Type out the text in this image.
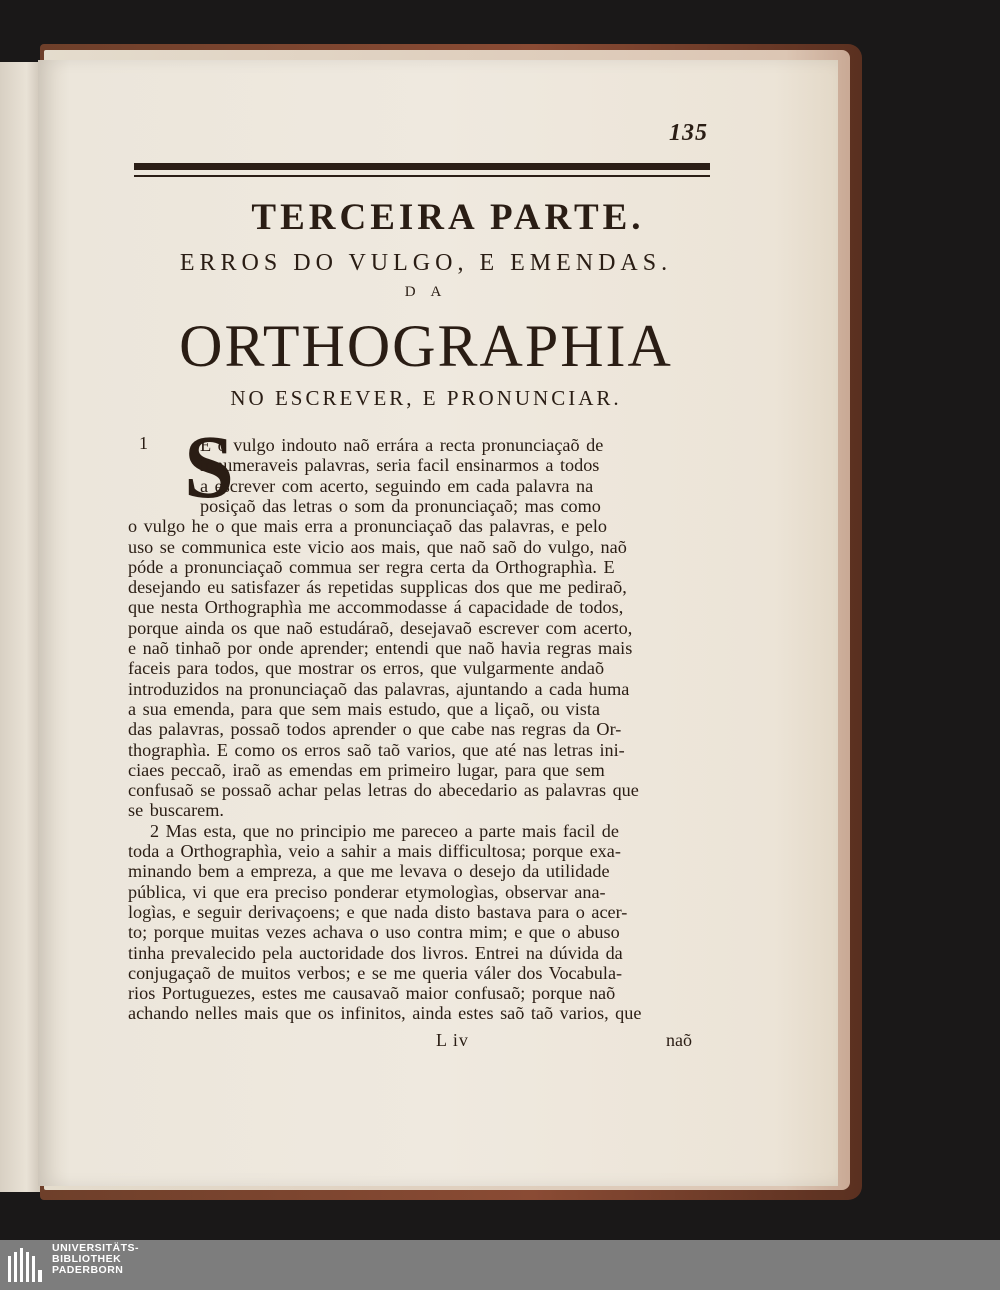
135
TERCEIRA PARTE.
ERROS DO VULGO, E EMENDAS.
D A
ORTHOGRAPHIA
NO ESCREVER, E PRONUNCIAR.
1 S
E o vulgo indouto naõ errára a recta pronunciaçaõ de
innumeraveis palavras, seria facil ensinarmos a todos
a escrever com acerto, seguindo em cada palavra na
posiçaõ das letras o som da pronunciaçaõ; mas como
o vulgo he o que mais erra a pronunciaçaõ das palavras, e pelo
uso se communica este vicio aos mais, que naõ saõ do vulgo, naõ
póde a pronunciaçaõ commua ser regra certa da Orthographìa. E
desejando eu satisfazer ás repetidas supplicas dos que me pediraõ,
que nesta Orthographìa me accommodasse á capacidade de todos,
porque ainda os que naõ estudáraõ, desejavaõ escrever com acerto,
e naõ tinhaõ por onde aprender; entendi que naõ havia regras mais
faceis para todos, que mostrar os erros, que vulgarmente andaõ
introduzidos na pronunciaçaõ das palavras, ajuntando a cada huma
a sua emenda, para que sem mais estudo, que a liçaõ, ou vista
das palavras, possaõ todos aprender o que cabe nas regras da Or-
thographìa. E como os erros saõ taõ varios, que até nas letras ini-
ciaes peccaõ, iraõ as emendas em primeiro lugar, para que sem
confusaõ se possaõ achar pelas letras do abecedario as palavras que
se buscarem.
2 Mas esta, que no principio me pareceo a parte mais facil de
toda a Orthographìa, veio a sahir a mais difficultosa; porque exa-
minando bem a empreza, a que me levava o desejo da utilidade
pública, vi que era preciso ponderar etymologìas, observar ana-
logìas, e seguir derivaçoens; e que nada disto bastava para o acer-
to; porque muitas vezes achava o uso contra mim; e que o abuso
tinha prevalecido pela auctoridade dos livros. Entrei na dúvida da
conjugaçaõ de muitos verbos; e se me queria váler dos Vocabula-
rios Portuguezes, estes me causavaõ maior confusaõ; porque naõ
achando nelles mais que os infinitos, ainda estes saõ taõ varios, que
L iv	naõ
UNIVERSITÄTS-
BIBLIOTHEK
PADERBORN
